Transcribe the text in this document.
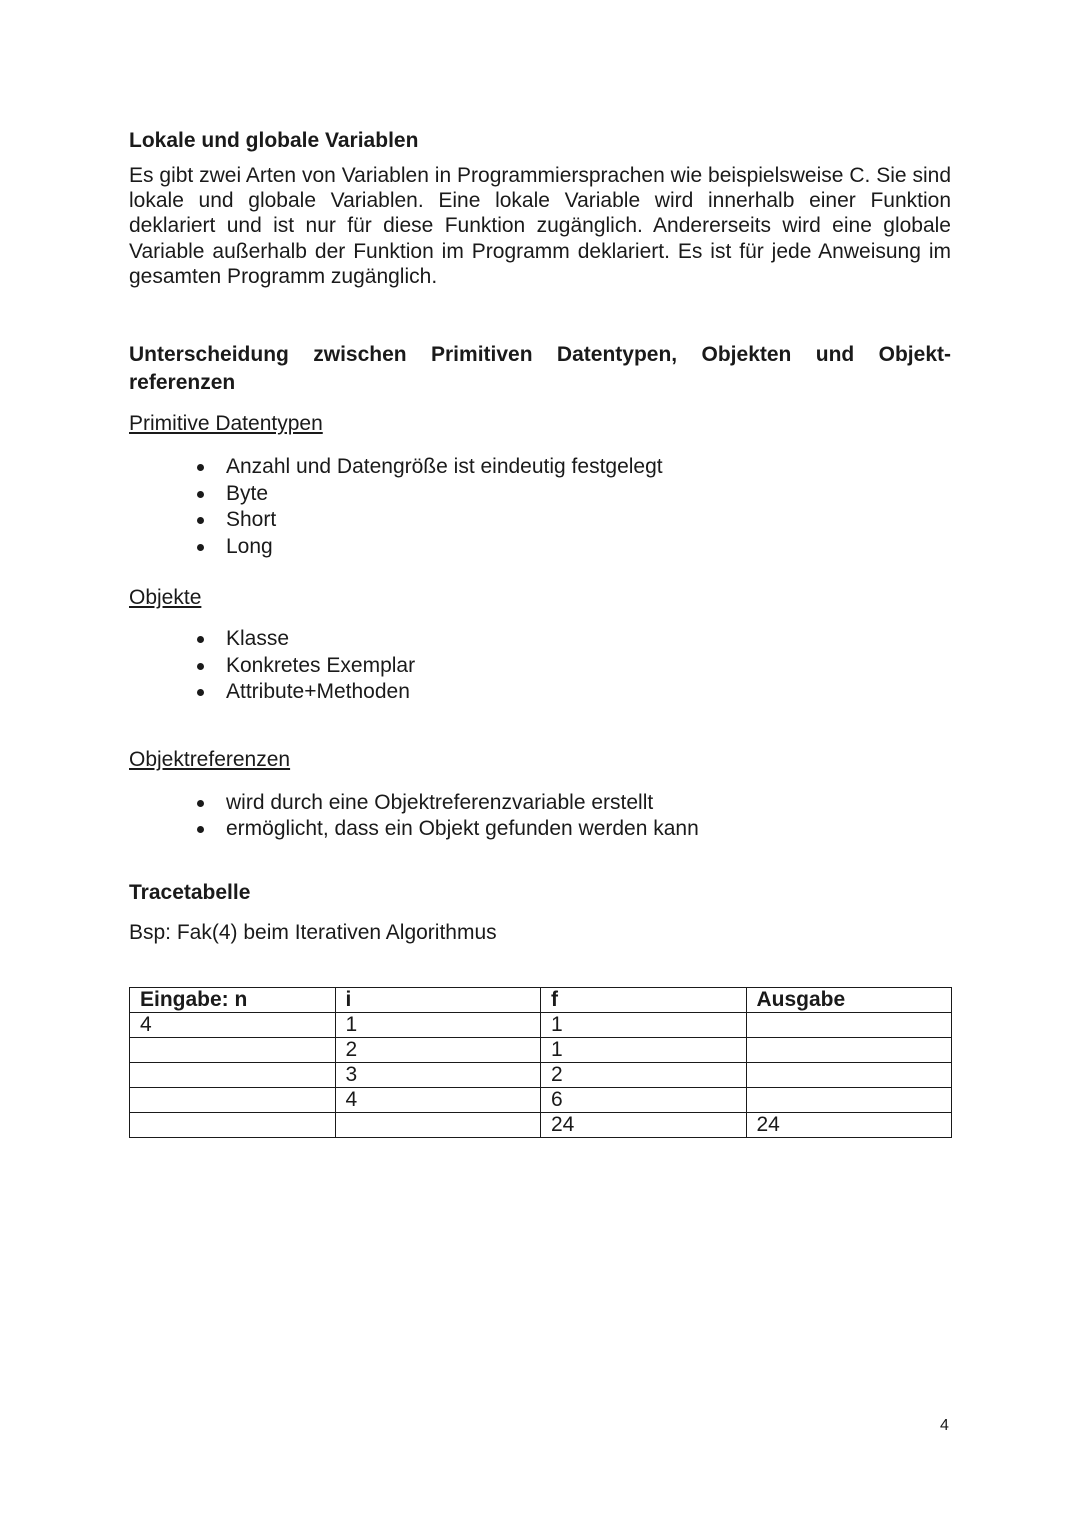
Lokale und globale Variablen

Es gibt zwei Arten von Variablen in Programmiersprachen wie beispielsweise C. Sie sind lokale und globale Variablen. Eine lokale Variable wird innerhalb einer Funktion deklariert und ist nur für diese Funktion zugänglich. Andererseits wird eine globale Variable außerhalb der Funktion im Programm deklariert. Es ist für jede Anweisung im gesamten Programm zugänglich.

Unterscheidung zwischen Primitiven Datentypen, Objekten und Objekt-referenzen

Primitive Datentypen

Anzahl und Datengröße ist eindeutig festgelegt
Byte
Short
Long

Objekte

Klasse
Konkretes Exemplar
Attribute+Methoden

Objektreferenzen

wird durch eine Objektreferenzvariable erstellt
ermöglicht, dass ein Objekt gefunden werden kann
Tracetabelle

Bsp: Fak(4) beim Iterativen Algorithmus

Eingabe: n	i	f	Ausgabe
4	1	1	
	2	1	
	3	2	
	4	6	
		24	24
4
